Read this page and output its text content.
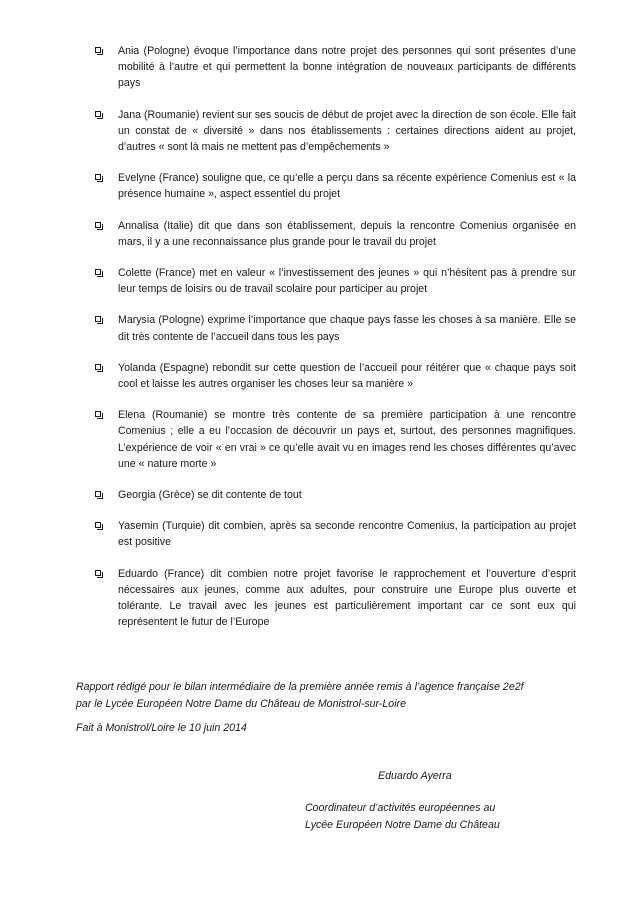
Ania (Pologne) évoque l’importance dans notre projet des personnes qui sont présentes d’une mobilité à l’autre et qui permettent la bonne intégration de nouveaux participants de différents pays
Jana (Roumanie) revient sur ses soucis de début de projet avec la direction de son école. Elle fait un constat de « diversité » dans nos établissements : certaines directions aident au projet, d’autres « sont là mais ne mettent pas d’empêchements »
Evelyne (France) souligne que, ce qu’elle a perçu dans sa récente expérience Comenius est « la présence humaine », aspect essentiel du projet
Annalisa (Italie) dit que dans son établissement, depuis la rencontre Comenius organisée en mars, il y a une reconnaissance plus grande pour le travail du projet
Colette (France) met en valeur « l’investissement des jeunes » qui n’hésitent pas à prendre sur leur temps de loisirs ou de travail scolaire pour participer au projet
Marysia (Pologne) exprime l’importance que chaque pays fasse les choses à sa manière. Elle se dit très contente de l’accueil dans tous les pays
Yolanda (Espagne) rebondit sur cette question de l’accueil pour réitérer que « chaque pays soit cool et laisse les autres organiser les choses leur sa manière »
Elena (Roumanie) se montre très contente de sa première participation à une rencontre Comenius ; elle a eu l’occasion de découvrir un pays et, surtout, des personnes magnifiques. L’expérience de voir « en vrai » ce qu’elle avait vu en images rend les choses différentes qu’avec une « nature morte »
Georgia (Grèce) se dit contente de tout
Yasemin (Turquie) dit combien, après sa seconde rencontre Comenius, la participation au projet est positive
Eduardo (France) dit combien notre projet favorise le rapprochement et l’ouverture d’esprit nécessaires aux jeunes, comme aux adultes, pour construire une Europe plus ouverte et tolérante. Le travail avec les jeunes est particulièrement important car ce sont eux qui représentent le futur de l’Europe
Rapport rédigé pour le bilan intermédiaire de la première année remis à l’agence française 2e2f
par le Lycée Européen Notre Dame du Château de Monistrol-sur-Loire
Fait à Monistrol/Loire le 10 juin 2014
Eduardo Ayerra
Coordinateur d’activités européennes au
Lycée Européen Notre Dame du Château
